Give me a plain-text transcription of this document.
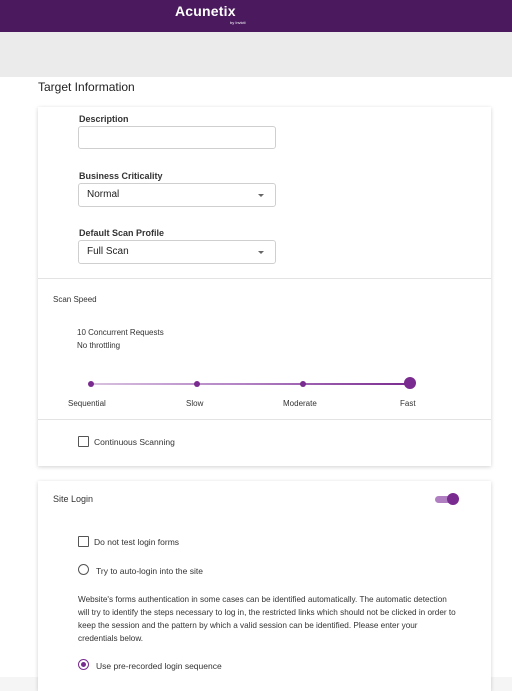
Acunetix
by Invicti
Target Information
Description
Business Criticality
Normal
Default Scan Profile
Full Scan
Scan Speed
10 Concurrent Requests
No throttling
Sequential	Slow	Moderate	Fast
Continuous Scanning
Site Login
Do not test login forms
Try to auto-login into the site
Website's forms authentication in some cases can be identified automatically. The automatic detection will try to identify the steps necessary to log in, the restricted links which should not be clicked in order to keep the session and the pattern by which a valid session can be identified. Please enter your credentials below.
Use pre-recorded login sequence
